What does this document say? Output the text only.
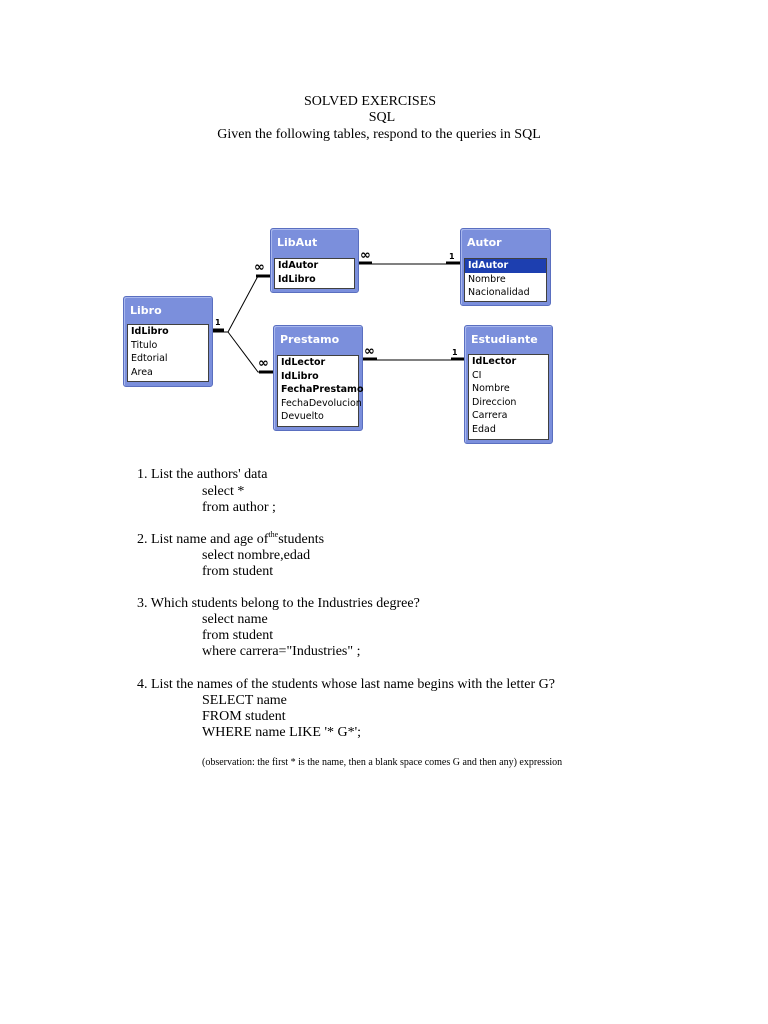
SOLVED EXERCISES
SQL
Given the following tables, respond to the queries in SQL
1
∞
∞
∞	1
∞	1
Libro
IdLibro
Titulo
Edtorial
Area
LibAut
IdAutor
IdLibro
Autor
IdAutor
Nombre
Nacionalidad
Prestamo
IdLector
IdLibro
FechaPrestamo
FechaDevolucion
Devuelto
Estudiante
IdLector
CI
Nombre
Direccion
Carrera
Edad
1. List the authors' data
select *
from author ;
2. List name and age $of^{the}students$
select nombre,edad
from student
3. Which students belong to the Industries degree?
select name
from student
where carrera="Industries" ;
4. List the names of the students whose last name begins with the letter G?
SELECT name
FROM student
WHERE name LIKE '* G*';
(observation: the first * is the name, then a blank space comes G and then any) expression
